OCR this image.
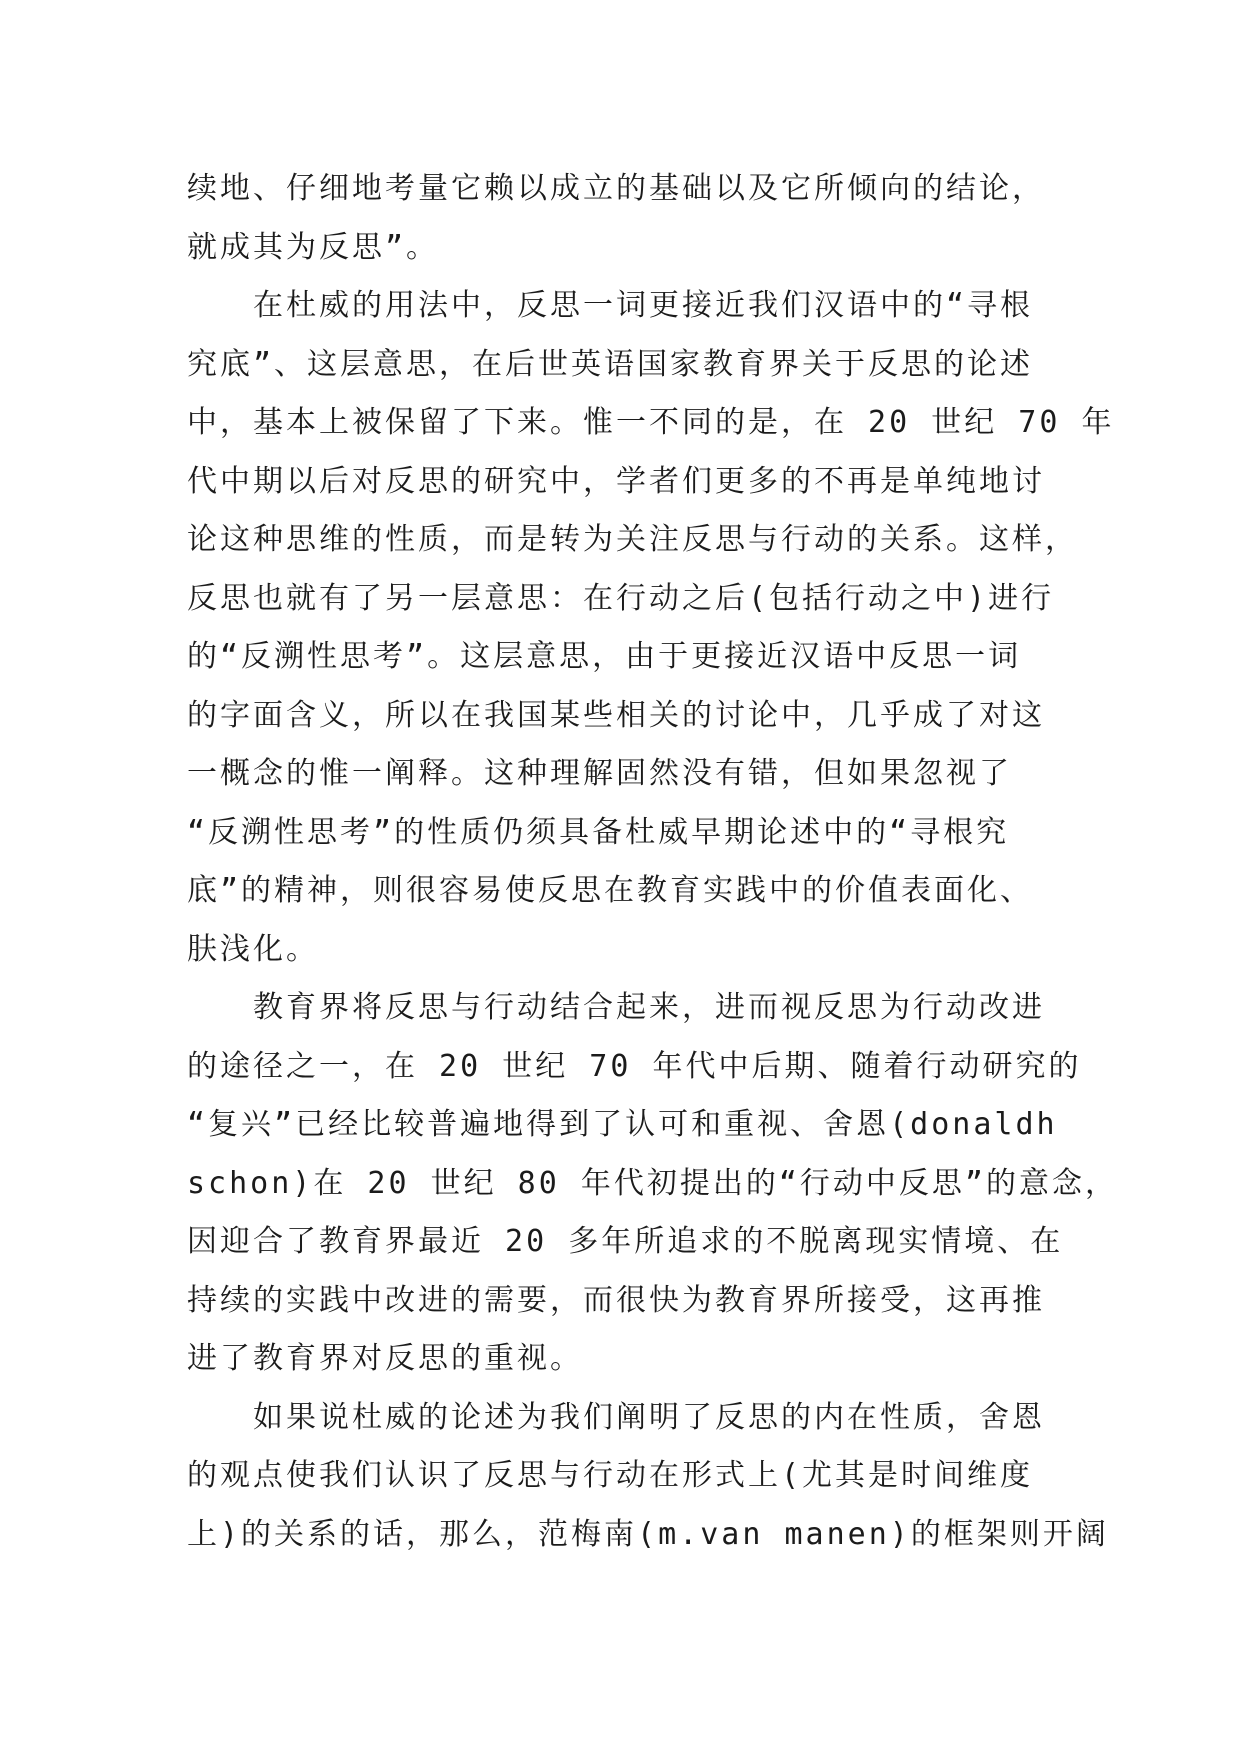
续地、仔细地考量它赖以成立的基础以及它所倾向的结论，
就成其为反思”。
　　在杜威的用法中，反思一词更接近我们汉语中的“寻根
究底”、这层意思，在后世英语国家教育界关于反思的论述
中，基本上被保留了下来。惟一不同的是，在 20 世纪 70 年
代中期以后对反思的研究中，学者们更多的不再是单纯地讨
论这种思维的性质，而是转为关注反思与行动的关系。这样，
反思也就有了另一层意思：在行动之后(包括行动之中)进行
的“反溯性思考”。这层意思，由于更接近汉语中反思一词
的字面含义，所以在我国某些相关的讨论中，几乎成了对这
一概念的惟一阐释。这种理解固然没有错，但如果忽视了
“反溯性思考”的性质仍须具备杜威早期论述中的“寻根究
底”的精神，则很容易使反思在教育实践中的价值表面化、
肤浅化。
　　教育界将反思与行动结合起来，进而视反思为行动改进
的途径之一，在 20 世纪 70 年代中后期、随着行动研究的
“复兴”已经比较普遍地得到了认可和重视、舍恩(donaldh
schon)在 20 世纪 80 年代初提出的“行动中反思”的意念，
因迎合了教育界最近 20 多年所追求的不脱离现实情境、在
持续的实践中改进的需要，而很快为教育界所接受，这再推
进了教育界对反思的重视。
　　如果说杜威的论述为我们阐明了反思的内在性质，舍恩
的观点使我们认识了反思与行动在形式上(尤其是时间维度
上)的关系的话，那么，范梅南(m.van manen)的框架则开阔
